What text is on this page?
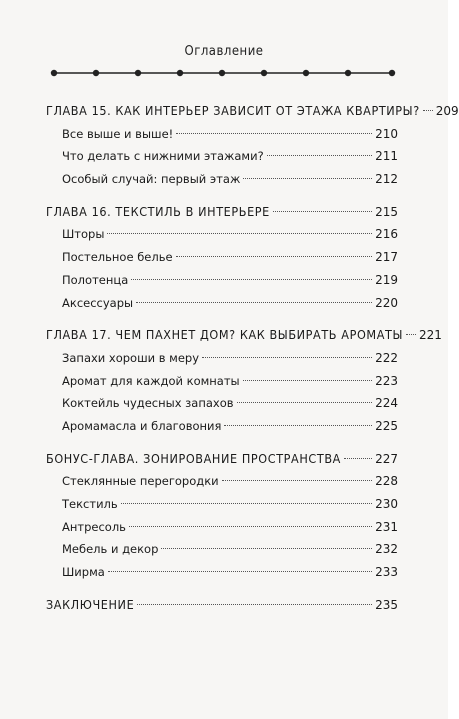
Оглавление
ГЛАВА 15. КАК ИНТЕРЬЕР ЗАВИСИТ ОТ ЭТАЖА КВАРТИРЫ? 209
Все выше и выше!	210
Что делать с нижними этажами?	211
Особый случай: первый этаж	212
ГЛАВА 16. ТЕКСТИЛЬ В ИНТЕРЬЕРЕ	215
Шторы	216
Постельное белье	217
Полотенца	219
Аксессуары	220
ГЛАВА 17. ЧЕМ ПАХНЕТ ДОМ? КАК ВЫБИРАТЬ АРОМАТЫ 221
Запахи хороши в меру	222
Аромат для каждой комнаты	223
Коктейль чудесных запахов	224
Аромамасла и благовония	225
БОНУС-ГЛАВА. ЗОНИРОВАНИЕ ПРОСТРАНСТВА	227
Стеклянные перегородки	228
Текстиль	230
Антресоль	231
Мебель и декор	232
Ширма	233
ЗАКЛЮЧЕНИЕ	235
